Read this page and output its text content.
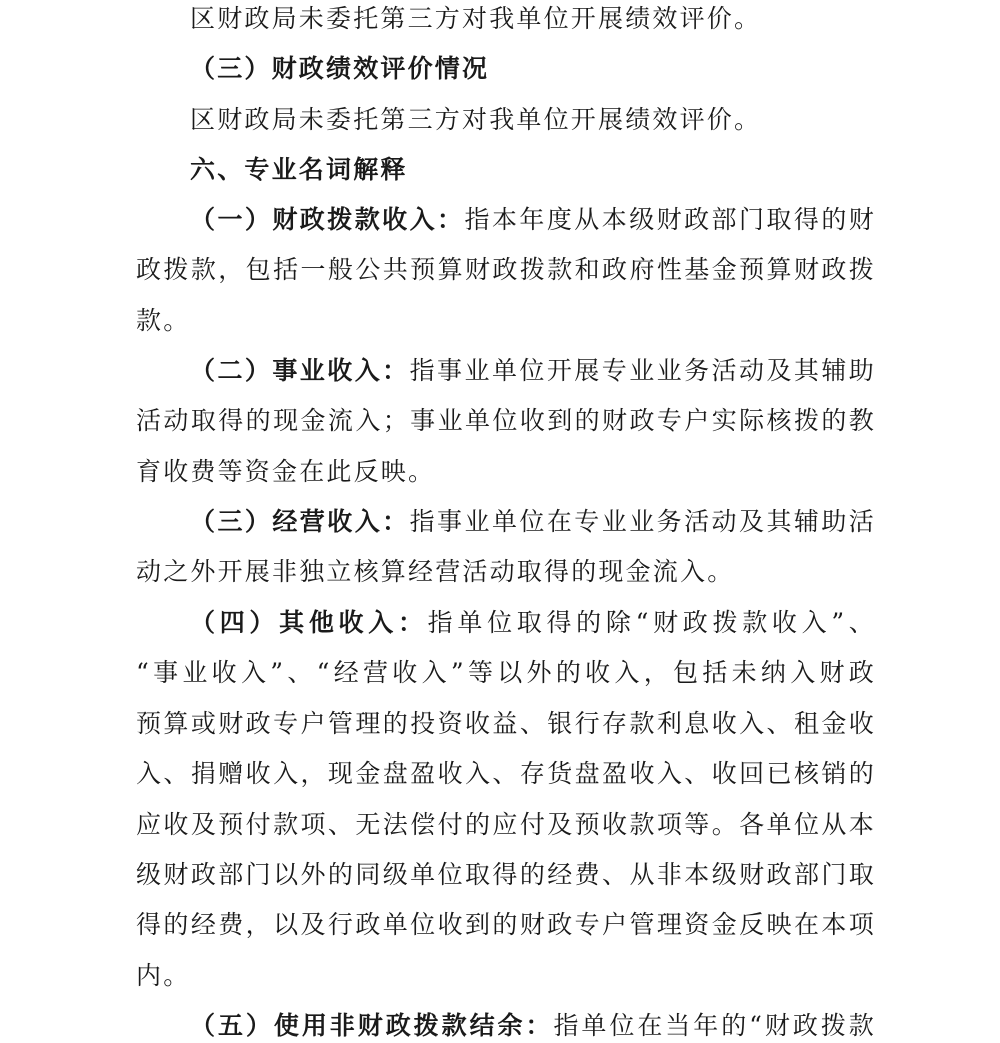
区财政局未委托第三方对我单位开展绩效评价。
（三）财政绩效评价情况
区财政局未委托第三方对我单位开展绩效评价。
六、专业名词解释
（一）财政拨款收入：指本年度从本级财政部门取得的财
政拨款，包括一般公共预算财政拨款和政府性基金预算财政拨
款。
（二）事业收入：指事业单位开展专业业务活动及其辅助
活动取得的现金流入；事业单位收到的财政专户实际核拨的教
育收费等资金在此反映。
（三）经营收入：指事业单位在专业业务活动及其辅助活
动之外开展非独立核算经营活动取得的现金流入。
（四）其他收入：指单位取得的除“财政拨款收入”、
“事业收入”、“经营收入”等以外的收入，包括未纳入财政
预算或财政专户管理的投资收益、银行存款利息收入、租金收
入、捐赠收入，现金盘盈收入、存货盘盈收入、收回已核销的
应收及预付款项、无法偿付的应付及预收款项等。各单位从本
级财政部门以外的同级单位取得的经费、从非本级财政部门取
得的经费，以及行政单位收到的财政专户管理资金反映在本项
内。
（五）使用非财政拨款结余：指单位在当年的“财政拨款
